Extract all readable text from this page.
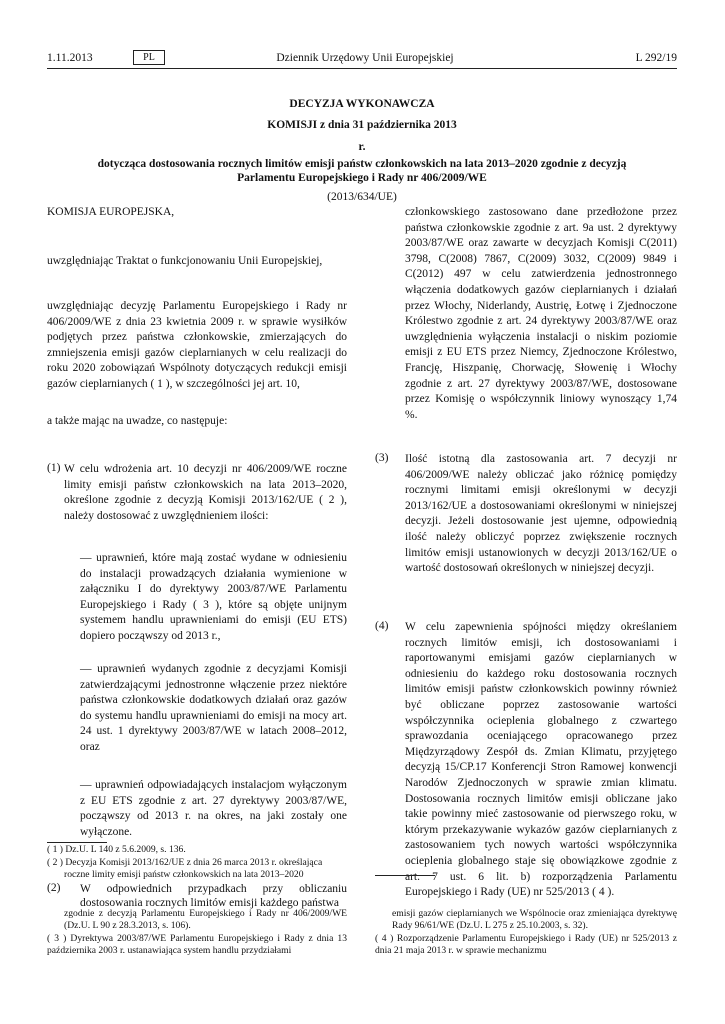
1.11.2013	PL	Dziennik Urzędowy Unii Europejskiej	L 292/19
DECYZJA WYKONAWCZA
KOMISJI z dnia 31 października 2013
r.
dotycząca dostosowania rocznych limitów emisji państw członkowskich na lata 2013–2020 zgodnie z decyzją
Parlamentu Europejskiego i Rady nr 406/2009/WE
(2013/634/UE)
KOMISJA EUROPEJSKA,
uwzględniając Traktat o funkcjonowaniu Unii Europejskiej,
uwzględniając decyzję Parlamentu Europejskiego i Rady nr 406/2009/WE z dnia 23 kwietnia 2009 r. w sprawie wysiłków podjętych przez państwa członkowskie, zmierzających do zmniejszenia emisji gazów cieplarnianych w celu realizacji do roku 2020 zobowiązań Wspólnoty dotyczących redukcji emisji gazów cieplarnianych ( 1 ), w szczególności jej art. 10,
a także mając na uwadze, co następuje:
(1) W celu wdrożenia art. 10 decyzji nr 406/2009/WE roczne limity emisji państw członkowskich na lata 2013–2020, określone zgodnie z decyzją Komisji 2013/162/UE ( 2 ), należy dostosować z uwzględnieniem ilości:
— uprawnień, które mają zostać wydane w odniesieniu do instalacji prowadzących działania wymienione w załączniku I do dyrektywy 2003/87/WE Parlamentu Europejskiego i Rady ( 3 ), które są objęte unijnym systemem handlu uprawnieniami do emisji (EU ETS) dopiero począwszy od 2013 r.,
— uprawnień wydanych zgodnie z decyzjami Komisji zatwierdzającymi jednostronne włączenie przez niektóre państwa członkowskie dodatkowych działań oraz gazów do systemu handlu uprawnieniami do emisji na mocy art. 24 ust. 1 dyrektywy 2003/87/WE w latach 2008–2012, oraz
— uprawnień odpowiadających instalacjom wyłączonym z EU ETS zgodnie z art. 27 dyrektywy 2003/87/WE, począwszy od 2013 r. na okres, na jaki zostały one wyłączone.
( 1 ) Dz.U. L 140 z 5.6.2009, s. 136.
( 2 ) Decyzja Komisji 2013/162/UE z dnia 26 marca 2013 r. określająca
roczne limity emisji państw członkowskich na lata 2013–2020
(2) W odpowiednich przypadkach przy obliczaniu dostosowania rocznych limitów emisji każdego państwa
zgodnie z decyzją Parlamentu Europejskiego i Rady nr 406/2009/WE (Dz.U. L 90 z 28.3.2013, s. 106).
( 3 ) Dyrektywa 2003/87/WE Parlamentu Europejskiego i Rady z dnia 13 października 2003 r. ustanawiająca system handlu przydziałami
członkowskiego zastosowano dane przedłożone przez państwa członkowskie zgodnie z art. 9a ust. 2 dyrektywy 2003/87/WE oraz zawarte w decyzjach Komisji C(2011) 3798, C(2008) 7867, C(2009) 3032, C(2009) 9849 i C(2012) 497 w celu zatwierdzenia jednostronnego włączenia dodatkowych gazów cieplarnianych i działań przez Włochy, Niderlandy, Austrię, Łotwę i Zjednoczone Królestwo zgodnie z art. 24 dyrektywy 2003/87/WE oraz uwzględnienia wyłączenia instalacji o niskim poziomie emisji z EU ETS przez Niemcy, Zjednoczone Królestwo, Francję, Hiszpanię, Chorwację, Słowenię i Włochy zgodnie z art. 27 dyrektywy 2003/87/WE, dostosowane przez Komisję o współczynnik liniowy wynoszący 1,74 %.
(3) Ilość istotną dla zastosowania art. 7 decyzji nr 406/2009/WE należy obliczać jako różnicę pomiędzy rocznymi limitami emisji określonymi w decyzji 2013/162/UE a dostosowaniami określonymi w niniejszej decyzji. Jeżeli dostosowanie jest ujemne, odpowiednią ilość należy obliczyć poprzez zwiększenie rocznych limitów emisji ustanowionych w decyzji 2013/162/UE o wartość dostosowań określonych w niniejszej decyzji.
(4) W celu zapewnienia spójności między określaniem rocznych limitów emisji, ich dostosowaniami i raportowanymi emisjami gazów cieplarnianych w odniesieniu do każdego roku dostosowania rocznych limitów emisji państw członkowskich powinny również być obliczane poprzez zastosowanie wartości współczynnika ocieplenia globalnego z czwartego sprawozdania oceniającego opracowanego przez Międzyrządowy Zespół ds. Zmian Klimatu, przyjętego decyzją 15/CP.17 Konferencji Stron Ramowej konwencji Narodów Zjednoczonych w sprawie zmian klimatu. Dostosowania rocznych limitów emisji obliczane jako takie powinny mieć zastosowanie od pierwszego roku, w którym przekazywanie wykazów gazów cieplarnianych z zastosowaniem tych nowych wartości współczynnika ocieplenia globalnego staje się obowiązkowe zgodnie z art. 7 ust. 6 lit. b) rozporządzenia Parlamentu Europejskiego i Rady (UE) nr 525/2013 ( 4 ).
emisji gazów cieplarnianych we Wspólnocie oraz zmieniająca dyrektywę Rady 96/61/WE (Dz.U. L 275 z 25.10.2003, s. 32).
( 4 ) Rozporządzenie Parlamentu Europejskiego i Rady (UE) nr 525/2013 z dnia 21 maja 2013 r. w sprawie mechanizmu
